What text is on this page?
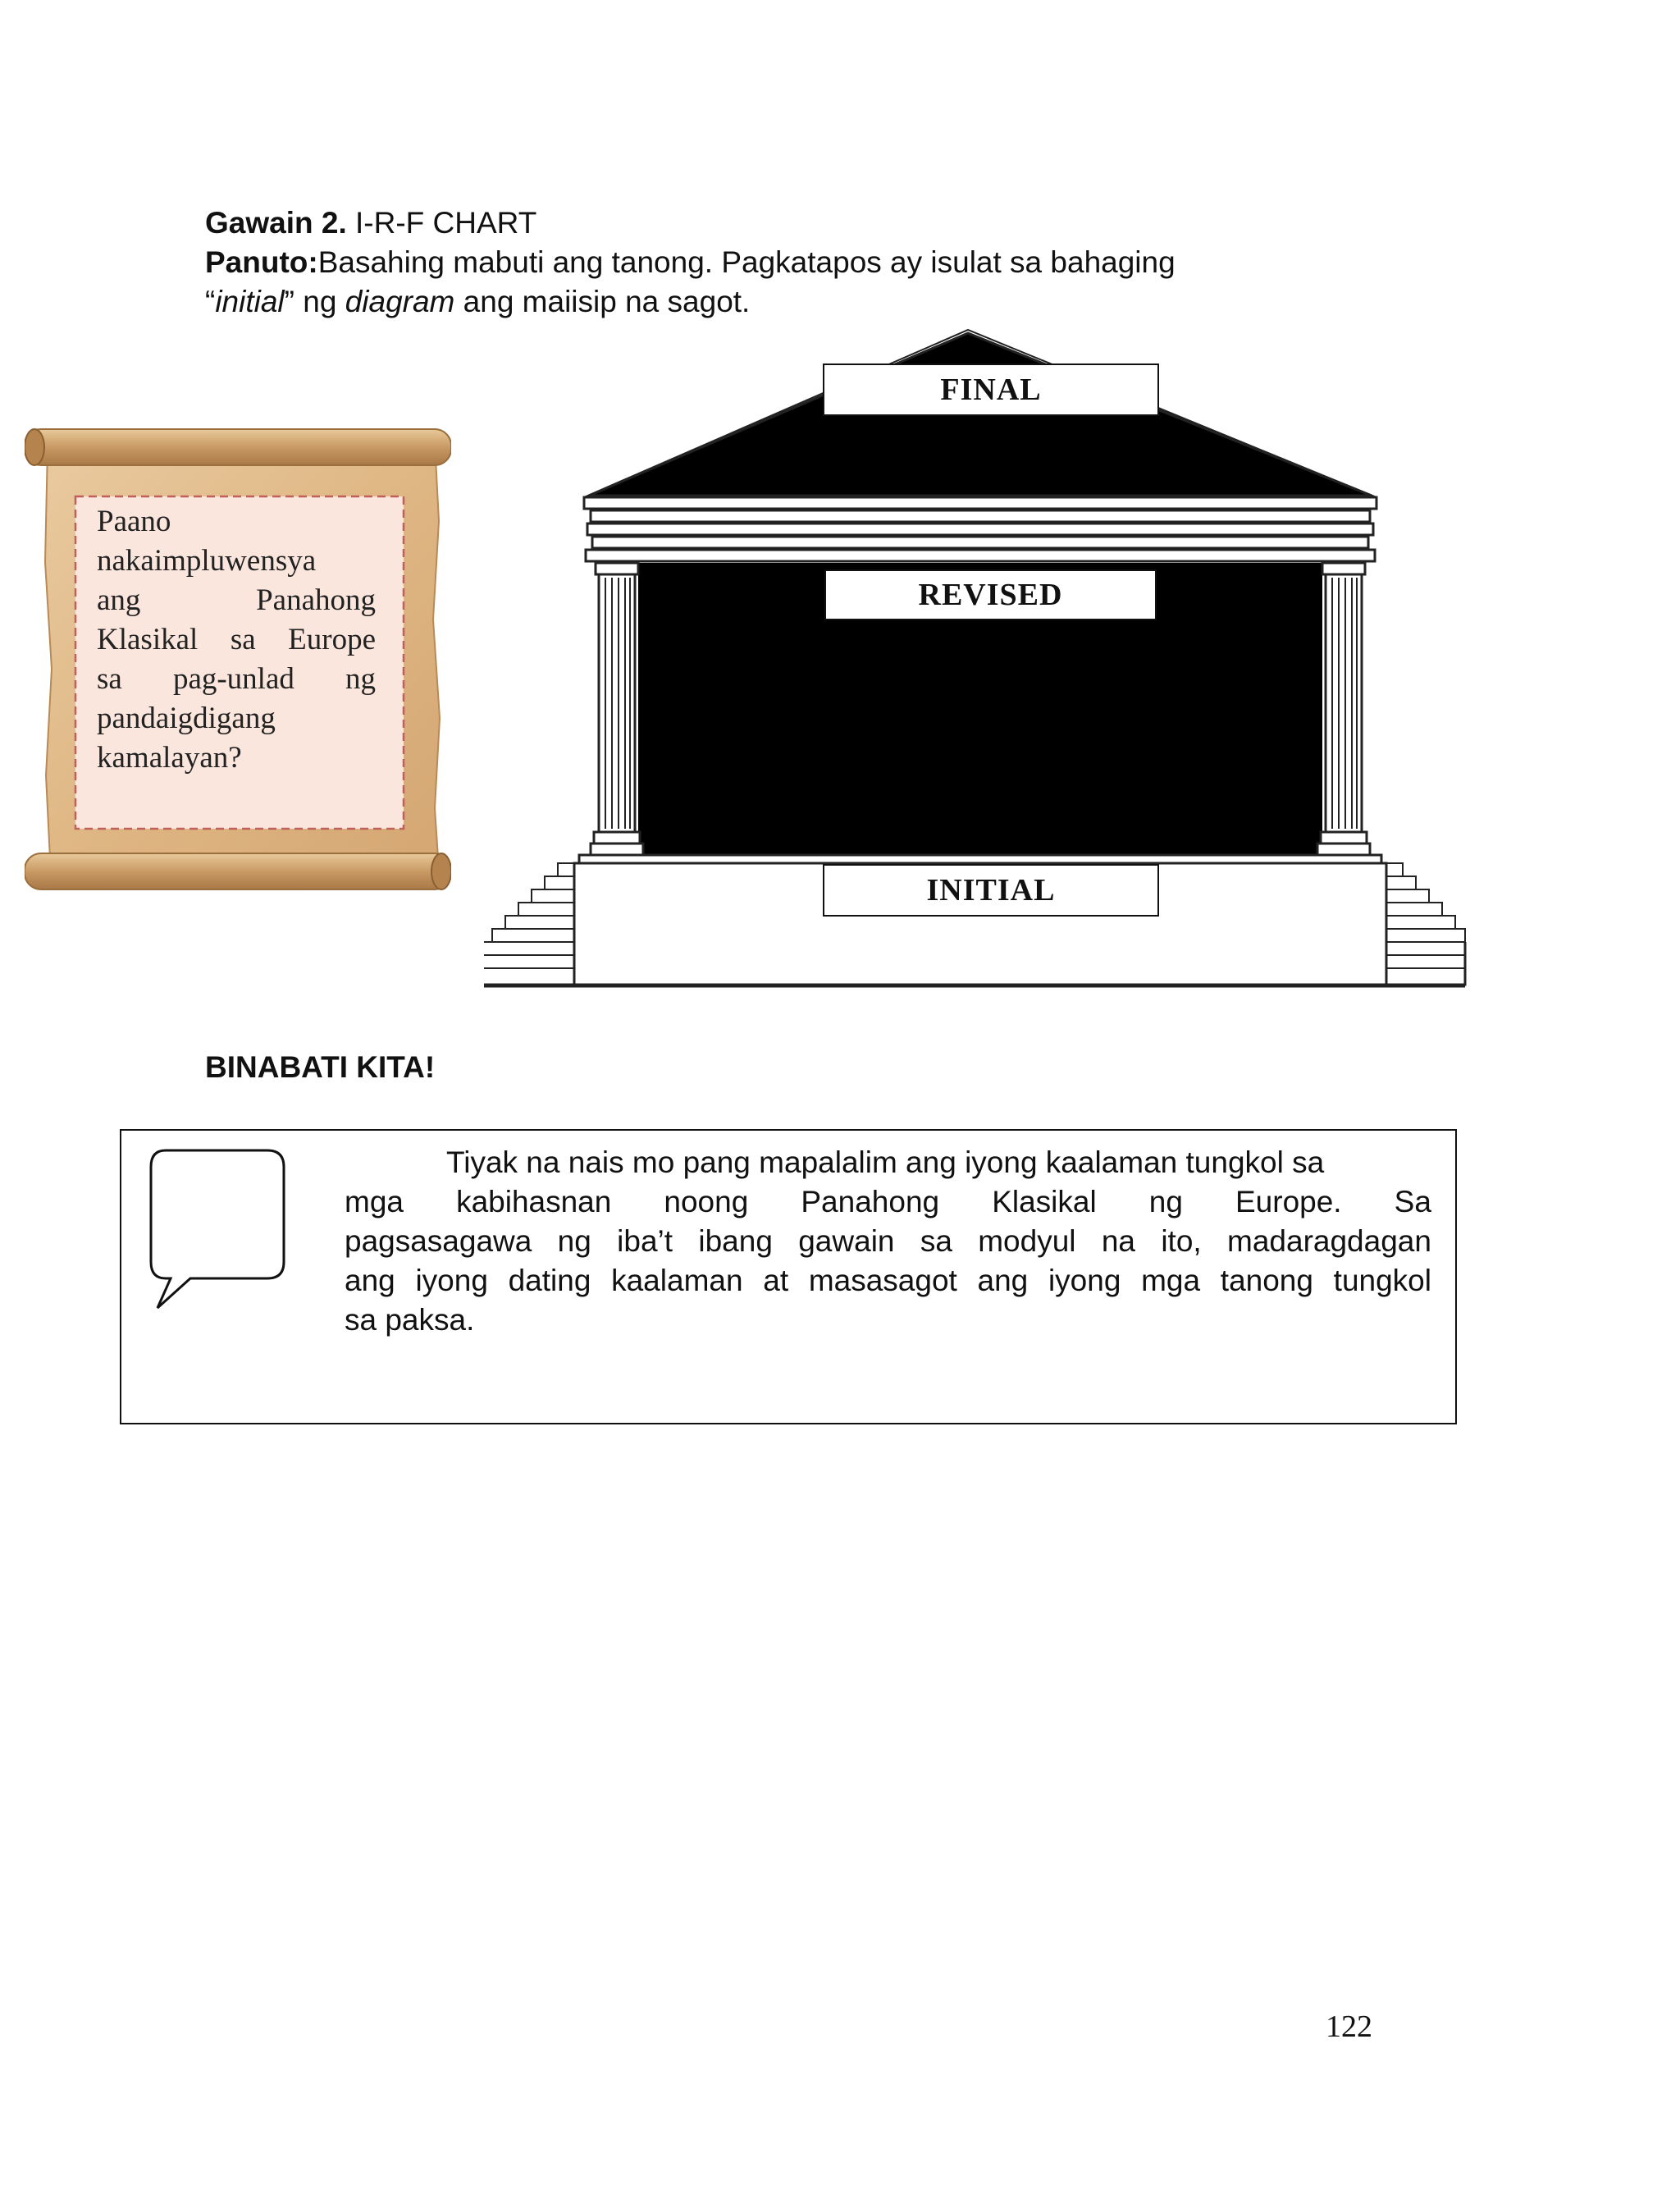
Gawain 2. I-R-F CHART
Panuto:Basahing mabuti ang tanong. Pagkatapos ay isulat sa bahaging
“initial” ng diagram ang maiisip na sagot.
Paano
nakaimpluwensya
ang	Panahong
Klasikal sa Europe
sa pag-unlad ng
pandaigdigang
kamalayan?
FINAL
REVISED
INITIAL
BINABATI KITA!
Tiyak na nais mo pang mapalalim ang iyong kaalaman tungkol sa
mga kabihasnan noong Panahong Klasikal ng Europe. Sa
pagsasagawa ng iba’t ibang gawain sa modyul na ito, madaragdagan
ang iyong dating kaalaman at masasagot ang iyong mga tanong tungkol
sa paksa.
122
